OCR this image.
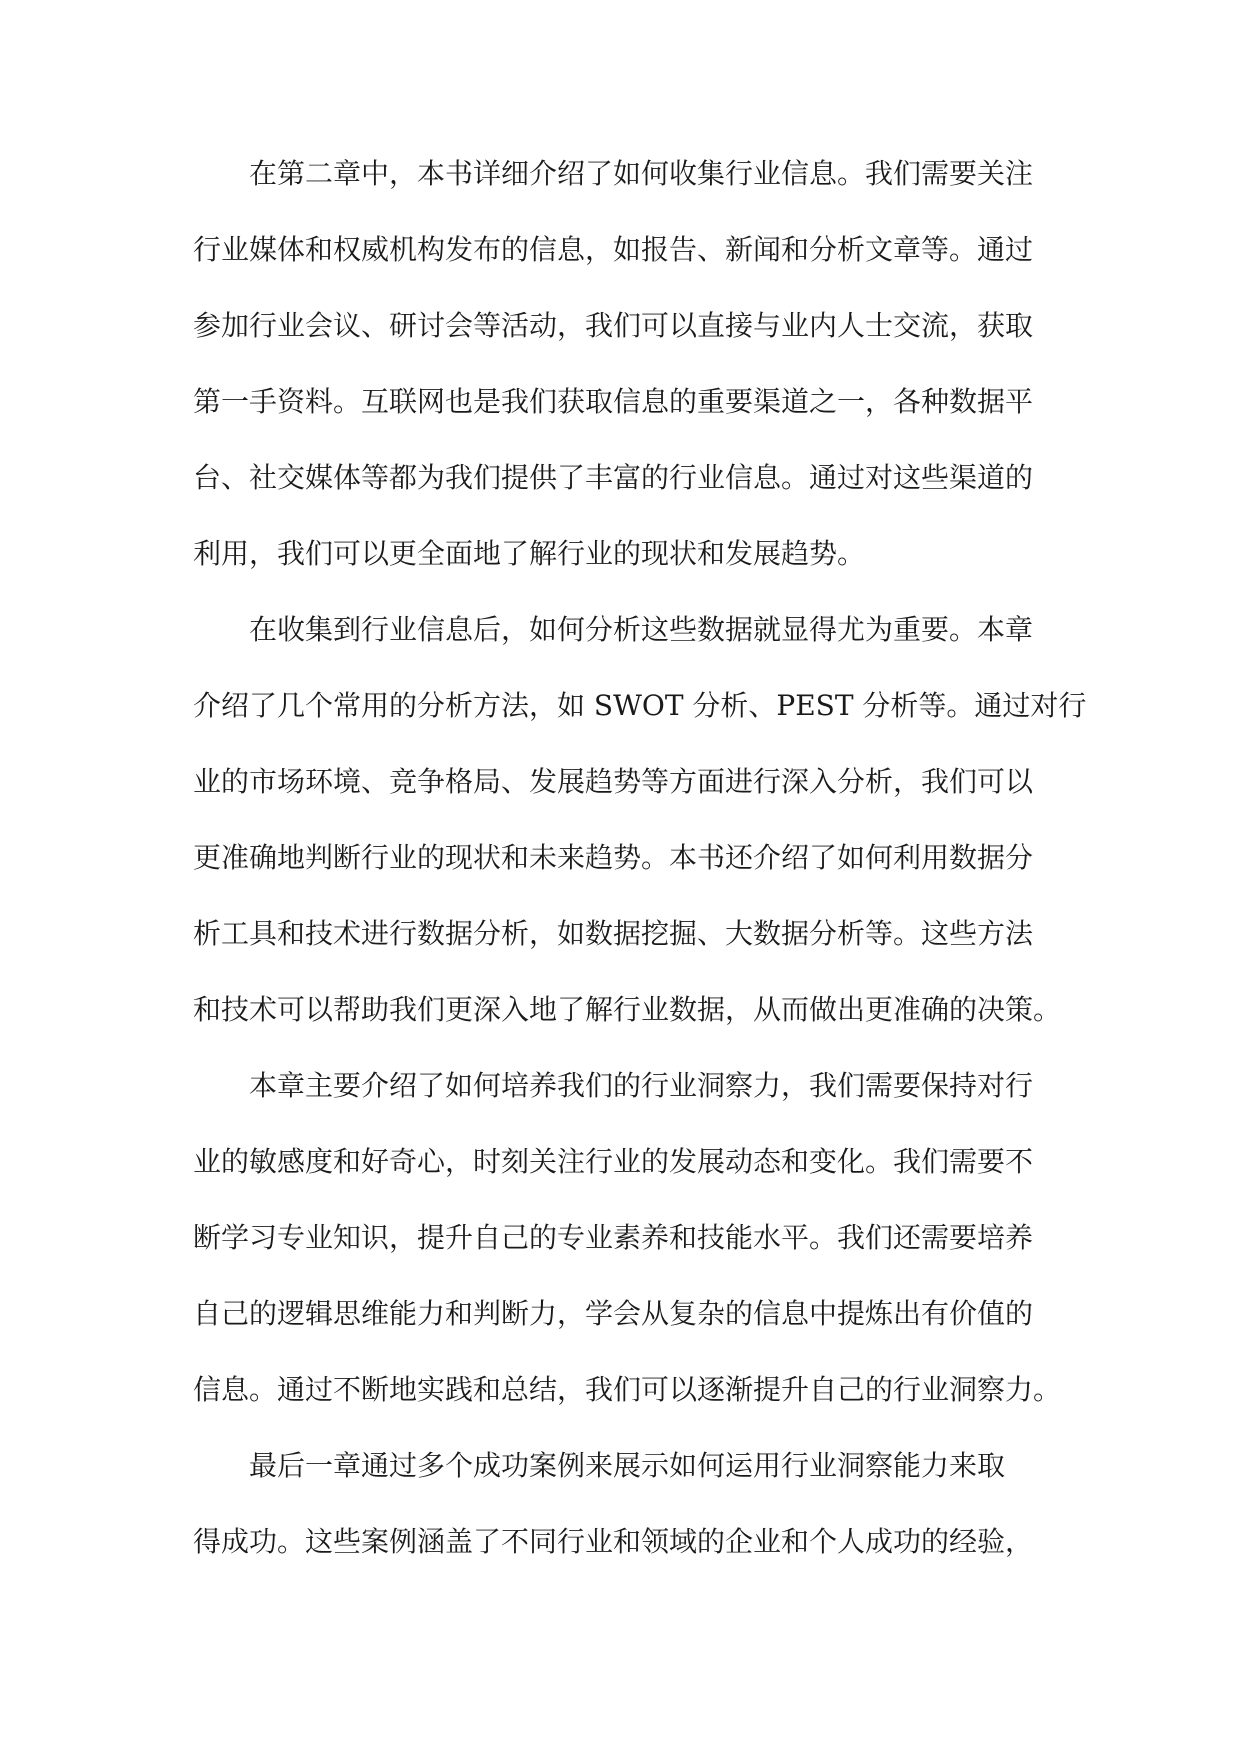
在第二章中，本书详细介绍了如何收集行业信息。我们需要关注
行业媒体和权威机构发布的信息，如报告、新闻和分析文章等。通过
参加行业会议、研讨会等活动，我们可以直接与业内人士交流，获取
第一手资料。互联网也是我们获取信息的重要渠道之一，各种数据平
台、社交媒体等都为我们提供了丰富的行业信息。通过对这些渠道的
利用，我们可以更全面地了解行业的现状和发展趋势。
在收集到行业信息后，如何分析这些数据就显得尤为重要。本章
介绍了几个常用的分析方法，如 SWOT 分析、PEST 分析等。通过对行
业的市场环境、竞争格局、发展趋势等方面进行深入分析，我们可以
更准确地判断行业的现状和未来趋势。本书还介绍了如何利用数据分
析工具和技术进行数据分析，如数据挖掘、大数据分析等。这些方法
和技术可以帮助我们更深入地了解行业数据，从而做出更准确的决策。
本章主要介绍了如何培养我们的行业洞察力，我们需要保持对行
业的敏感度和好奇心，时刻关注行业的发展动态和变化。我们需要不
断学习专业知识，提升自己的专业素养和技能水平。我们还需要培养
自己的逻辑思维能力和判断力，学会从复杂的信息中提炼出有价值的
信息。通过不断地实践和总结，我们可以逐渐提升自己的行业洞察力。
最后一章通过多个成功案例来展示如何运用行业洞察能力来取
得成功。这些案例涵盖了不同行业和领域的企业和个人成功的经验，
